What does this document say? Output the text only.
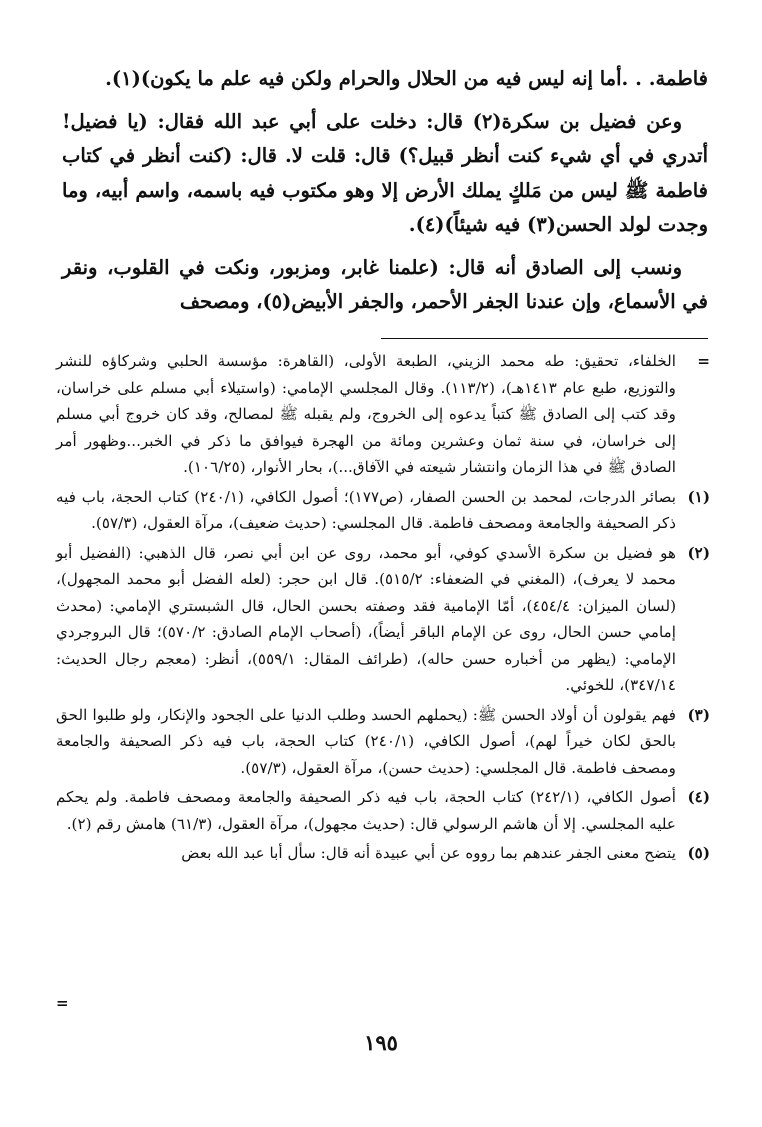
فاطمة. . .أما إنه ليس فيه من الحلال والحرام ولكن فيه علم ما يكون)(١).

وعن فضيل بن سكرة(٢) قال: دخلت على أبي عبد الله فقال: (يا فضيل! أتدري في أي شيء كنت أنظر قبيل؟) قال: قلت لا. قال: (كنت أنظر في كتاب فاطمة ﷺ ليس من مَلكٍ يملك الأرض إلا وهو مكتوب فيه باسمه، واسم أبيه، وما وجدت لولد الحسن(٣) فيه شيئاً)(٤).

ونسب إلى الصادق أنه قال: (علمنا غابر، ومزبور، ونكت في القلوب، ونقر في الأسماع، وإن عندنا الجفر الأحمر، والجفر الأبيض(٥)، ومصحف

=
الخلفاء، تحقيق: طه محمد الزيني، الطبعة الأولى، (القاهرة: مؤسسة الحلبي وشركاؤه للنشر والتوزيع، طبع عام ١٤١٣هـ)، (١١٣/٢). وقال المجلسي الإمامي: (واستيلاء أبي مسلم على خراسان، وقد كتب إلى الصادق ﷺ كتباً يدعوه إلى الخروج، ولم يقبله ﷺ لمصالح، وقد كان خروج أبي مسلم إلى خراسان، في سنة ثمان وعشرين ومائة من الهجرة فيوافق ما ذكر في الخبر...وظهور أمر الصادق ﷺ في هذا الزمان وانتشار شيعته في الآفاق...)، بحار الأنوار، (١٠٦/٢٥).
(١)
بصائر الدرجات، لمحمد بن الحسن الصفار، (ص١٧٧)؛ أصول الكافي، (٢٤٠/١) كتاب الحجة، باب فيه ذكر الصحيفة والجامعة ومصحف فاطمة. قال المجلسي: (حديث ضعيف)، مرآة العقول، (٥٧/٣).
(٢)
هو فضيل بن سكرة الأسدي كوفي، أبو محمد، روى عن ابن أبي نصر، قال الذهبي: (الفضيل أبو محمد لا يعرف)، (المغني في الضعفاء: ٥١٥/٢). قال ابن حجر: (لعله الفضل أبو محمد المجهول)، (لسان الميزان: ٤٥٤/٤)، أمّا الإمامية فقد وصفته بحسن الحال، قال الشبستري الإمامي: (محدث إمامي حسن الحال، روى عن الإمام الباقر أيضاً)، (أصحاب الإمام الصادق: ٥٧٠/٢)؛ قال البروجردي الإمامي: (يظهر من أخباره حسن حاله)، (طرائف المقال: ٥٥٩/١)، أنظر: (معجم رجال الحديث: ٣٤٧/١٤)، للخوئي.
(٣)
فهم يقولون أن أولاد الحسن ﷺ: (يحملهم الحسد وطلب الدنيا على الجحود والإنكار، ولو طلبوا الحق بالحق لكان خيراً لهم)، أصول الكافي، (٢٤٠/١) كتاب الحجة، باب فيه ذكر الصحيفة والجامعة ومصحف فاطمة. قال المجلسي: (حديث حسن)، مرآة العقول، (٥٧/٣).
(٤)
أصول الكافي، (٢٤٢/١) كتاب الحجة، باب فيه ذكر الصحيفة والجامعة ومصحف فاطمة. ولم يحكم عليه المجلسي. إلا أن هاشم الرسولي قال: (حديث مجهول)، مرآة العقول، (٦١/٣) هامش رقم (٢).
(٥)
يتضح معنى الجفر عندهم بما رووه عن أبي عبيدة أنه قال: سأل أبا عبد الله بعض
=
١٩٥
